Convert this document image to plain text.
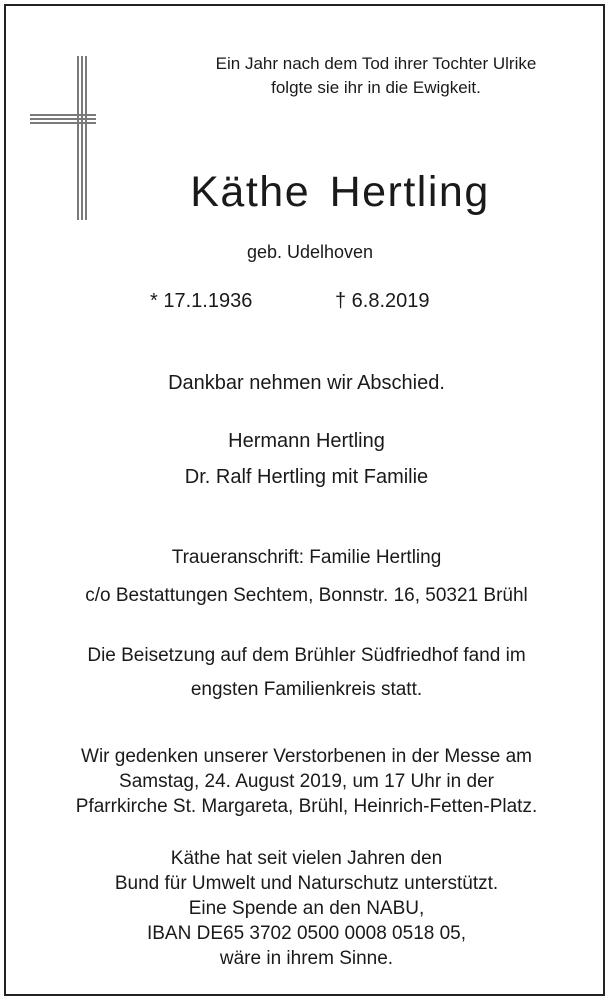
Ein Jahr nach dem Tod ihrer Tochter Ulrike
folgte sie ihr in die Ewigkeit.
Käthe Hertling
geb. Udelhoven
* 17.1.1936	† 6.8.2019
Dankbar nehmen wir Abschied.
Hermann Hertling
Dr. Ralf Hertling mit Familie
Traueranschrift: Familie Hertling
c/o Bestattungen Sechtem, Bonnstr. 16, 50321 Brühl
Die Beisetzung auf dem Brühler Südfriedhof fand im
engsten Familienkreis statt.
Wir gedenken unserer Verstorbenen in der Messe am
Samstag, 24. August 2019, um 17 Uhr in der
Pfarrkirche St. Margareta, Brühl, Heinrich-Fetten-Platz.
Käthe hat seit vielen Jahren den
Bund für Umwelt und Naturschutz unterstützt.
Eine Spende an den NABU,
IBAN DE65 3702 0500 0008 0518 05,
wäre in ihrem Sinne.
